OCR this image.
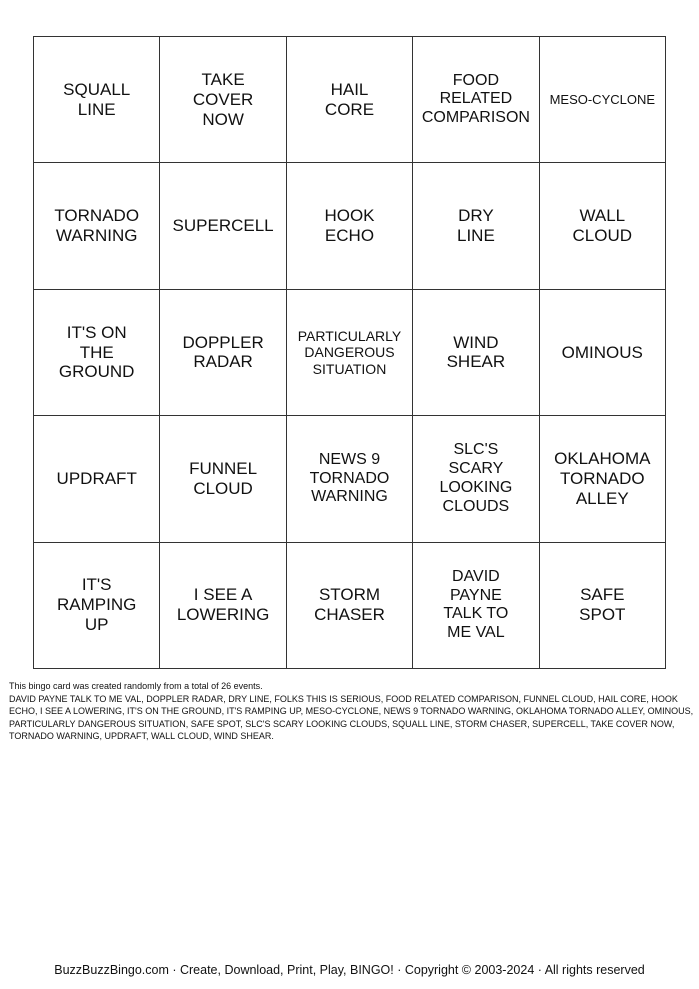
SQUALL
LINE
TAKE
COVER
NOW
HAIL
CORE
FOOD
RELATED
COMPARISON
MESO-CYCLONE
TORNADO
WARNING
SUPERCELL
HOOK
ECHO
DRY
LINE
WALL
CLOUD
IT'S ON
THE
GROUND
DOPPLER
RADAR
PARTICULARLY
DANGEROUS
SITUATION
WIND
SHEAR
OMINOUS
UPDRAFT
FUNNEL
CLOUD
NEWS 9
TORNADO
WARNING
SLC'S
SCARY
LOOKING
CLOUDS
OKLAHOMA
TORNADO
ALLEY
IT'S
RAMPING
UP
I SEE A
LOWERING
STORM
CHASER
DAVID
PAYNE
TALK TO
ME VAL
SAFE
SPOT

This bingo card was created randomly from a total of 26 events.

DAVID PAYNE TALK TO ME VAL, DOPPLER RADAR, DRY LINE, FOLKS THIS IS SERIOUS, FOOD RELATED COMPARISON, FUNNEL CLOUD, HAIL CORE, HOOK ECHO, I SEE A LOWERING, IT'S ON THE GROUND, IT'S RAMPING UP, MESO-CYCLONE, NEWS 9 TORNADO WARNING, OKLAHOMA TORNADO ALLEY, OMINOUS, PARTICULARLY DANGEROUS SITUATION, SAFE SPOT, SLC'S SCARY LOOKING CLOUDS, SQUALL LINE, STORM CHASER, SUPERCELL, TAKE COVER NOW, TORNADO WARNING, UPDRAFT, WALL CLOUD, WIND SHEAR.

BuzzBuzzBingo.com · Create, Download, Print, Play, BINGO! · Copyright © 2003-2024 · All rights reserved
